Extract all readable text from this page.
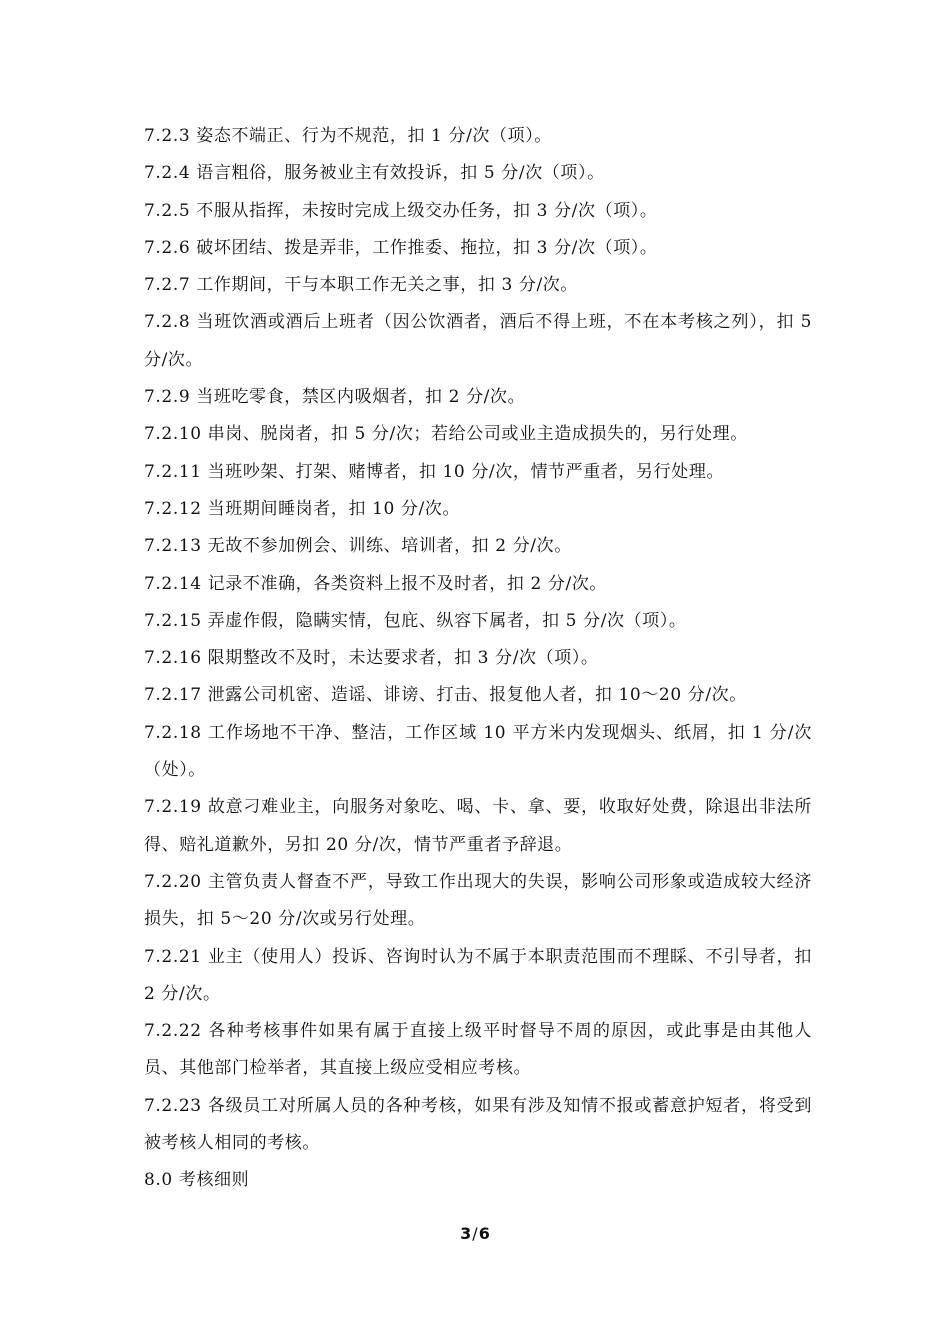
7.2.3 姿态不端正、行为不规范，扣 1 分/次（项）。

7.2.4 语言粗俗，服务被业主有效投诉，扣 5 分/次（项）。

7.2.5 不服从指挥，未按时完成上级交办任务，扣 3 分/次（项）。

7.2.6 破坏团结、拨是弄非，工作推委、拖拉，扣 3 分/次（项）。

7.2.7 工作期间，干与本职工作无关之事，扣 3 分/次。

7.2.8 当班饮酒或酒后上班者（因公饮酒者，酒后不得上班，不在本考核之列），扣 5 分/次。

7.2.9 当班吃零食，禁区内吸烟者，扣 2 分/次。

7.2.10 串岗、脱岗者，扣 5 分/次；若给公司或业主造成损失的，另行处理。

7.2.11 当班吵架、打架、赌博者，扣 10 分/次，情节严重者，另行处理。

7.2.12 当班期间睡岗者，扣 10 分/次。

7.2.13 无故不参加例会、训练、培训者，扣 2 分/次。

7.2.14 记录不准确，各类资料上报不及时者，扣 2 分/次。

7.2.15 弄虚作假，隐瞒实情，包庇、纵容下属者，扣 5 分/次（项）。

7.2.16 限期整改不及时，未达要求者，扣 3 分/次（项）。

7.2.17 泄露公司机密、造谣、诽谤、打击、报复他人者，扣 10～20 分/次。

7.2.18 工作场地不干净、整洁，工作区域 10 平方米内发现烟头、纸屑，扣 1 分/次（处）。

7.2.19 故意刁难业主，向服务对象吃、喝、卡、拿、要，收取好处费，除退出非法所得、赔礼道歉外，另扣 20 分/次，情节严重者予辞退。

7.2.20 主管负责人督查不严，导致工作出现大的失误，影响公司形象或造成较大经济损失，扣 5～20 分/次或另行处理。

7.2.21 业主（使用人）投诉、咨询时认为不属于本职责范围而不理睬、不引导者，扣 2 分/次。

7.2.22 各种考核事件如果有属于直接上级平时督导不周的原因，或此事是由其他人员、其他部门检举者，其直接上级应受相应考核。

7.2.23 各级员工对所属人员的各种考核，如果有涉及知情不报或蓄意护短者，将受到被考核人相同的考核。

8.0 考核细则

3/6
